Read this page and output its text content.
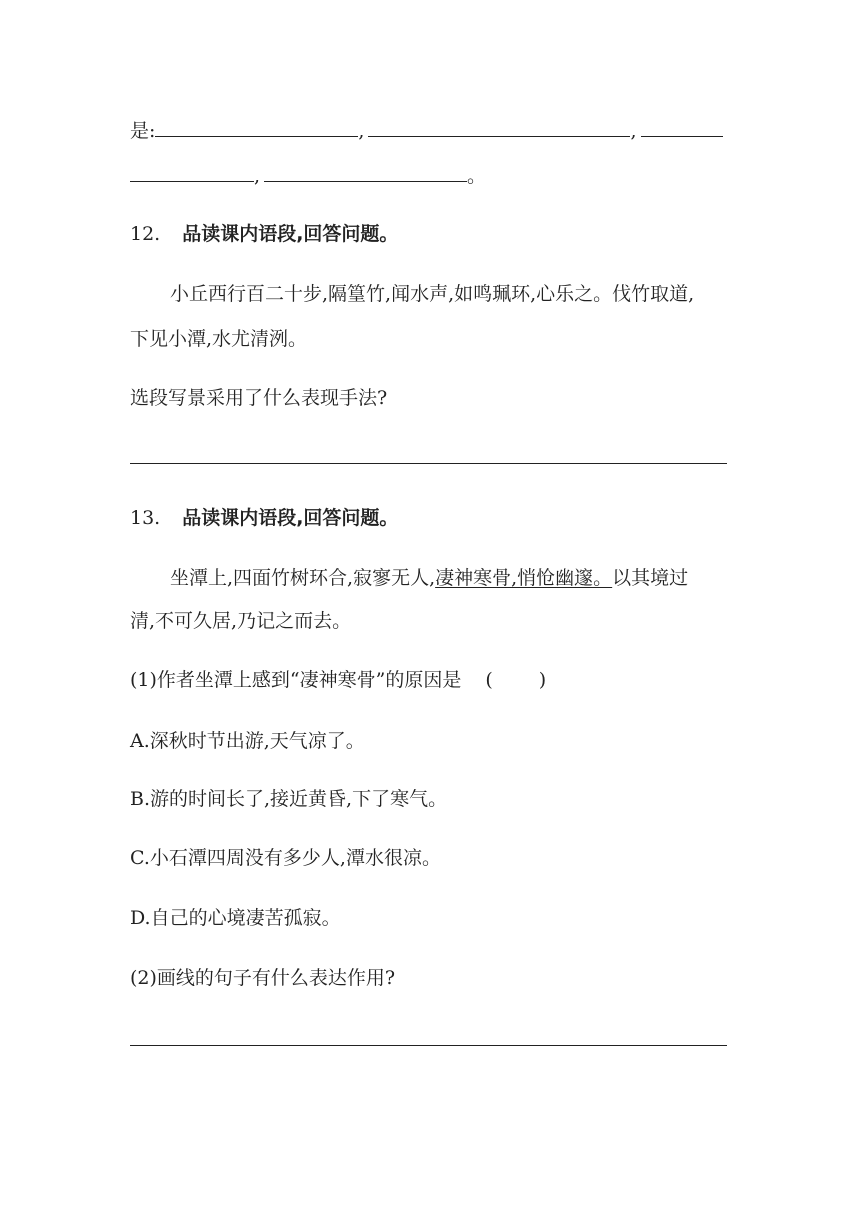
是:	,	,
,	。
12. 品读课内语段,回答问题。
小丘西行百二十步,隔篁竹,闻水声,如鸣珮环,心乐之。伐竹取道,
下见小潭,水尤清洌。
选段写景采用了什么表现手法?
13. 品读课内语段,回答问题。
坐潭上,四面竹树环合,寂寥无人,凄神寒骨,悄怆幽邃。以其境过
清,不可久居,乃记之而去。
(1)作者坐潭上感到“凄神寒骨”的原因是 ( )
A.深秋时节出游,天气凉了。
B.游的时间长了,接近黄昏,下了寒气。
C.小石潭四周没有多少人,潭水很凉。
D.自己的心境凄苦孤寂。
(2)画线的句子有什么表达作用?
